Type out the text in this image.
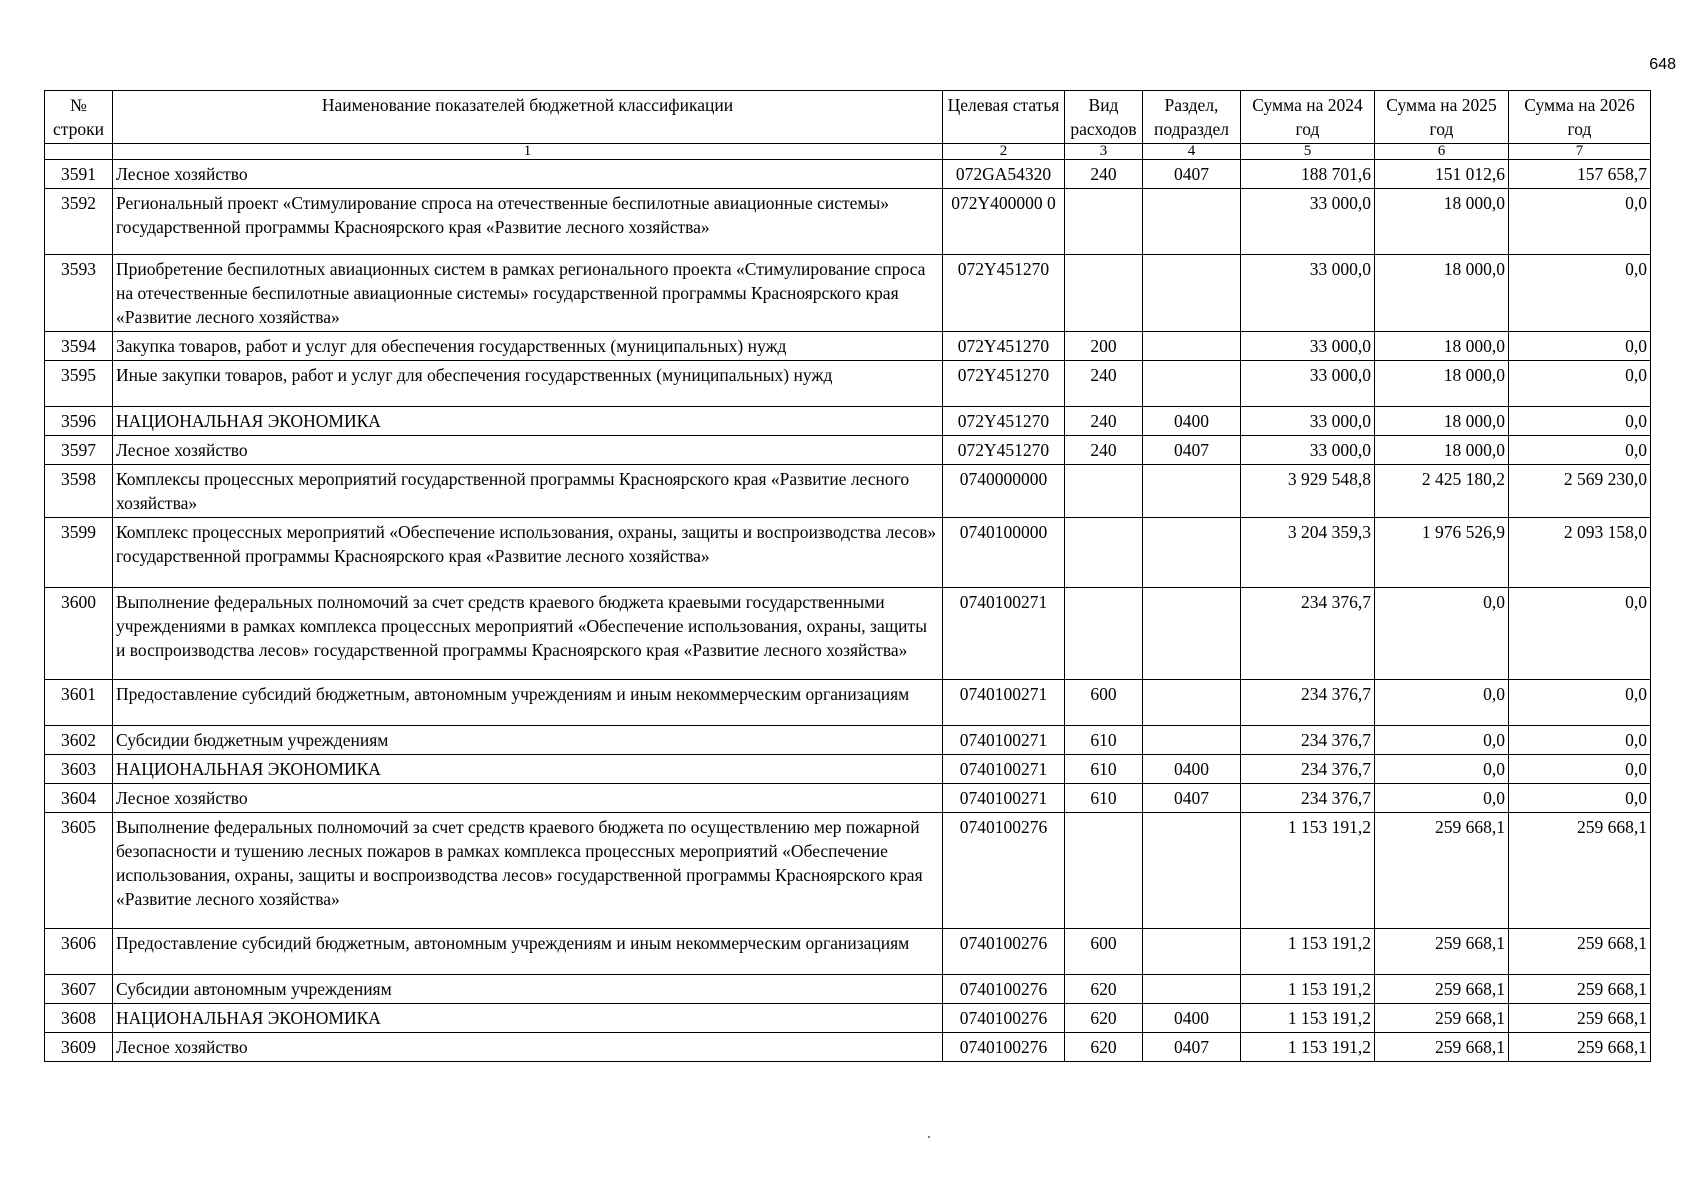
648
№ строки	Наименование показателей бюджетной классификации	Целевая статья	Вид расходов	Раздел, подраздел	Сумма на 2024 год	Сумма на 2025 год	Сумма на 2026 год
	1	2	3	4	5	6	7
3591	Лесное хозяйство	072GA54320	240	0407	188 701,6	151 012,6	157 658,7
3592	Региональный проект «Стимулирование спроса на отечественные беспилотные авиационные системы» государственной программы Красноярского края «Развитие лесного хозяйства»	072Y400000 0			33 000,0	18 000,0	0,0
3593	Приобретение беспилотных авиационных систем в рамках регионального проекта «Стимулирование спроса на отечественные беспилотные авиационные системы» государственной программы Красноярского края «Развитие лесного хозяйства»	072Y451270			33 000,0	18 000,0	0,0
3594	Закупка товаров, работ и услуг для обеспечения государственных (муниципальных) нужд	072Y451270	200		33 000,0	18 000,0	0,0
3595	Иные закупки товаров, работ и услуг для обеспечения государственных (муниципальных) нужд	072Y451270	240		33 000,0	18 000,0	0,0
3596	НАЦИОНАЛЬНАЯ ЭКОНОМИКА	072Y451270	240	0400	33 000,0	18 000,0	0,0
3597	Лесное хозяйство	072Y451270	240	0407	33 000,0	18 000,0	0,0
3598	Комплексы процессных мероприятий государственной программы Красноярского края «Развитие лесного хозяйства»	0740000000			3 929 548,8	2 425 180,2	2 569 230,0
3599	Комплекс процессных мероприятий «Обеспечение использования, охраны, защиты и воспроизводства лесов» государственной программы Красноярского края «Развитие лесного хозяйства»	0740100000			3 204 359,3	1 976 526,9	2 093 158,0
3600	Выполнение федеральных полномочий за счет средств краевого бюджета краевыми государственными учреждениями в рамках комплекса процессных мероприятий «Обеспечение использования, охраны, защиты и воспроизводства лесов» государственной программы Красноярского края «Развитие лесного хозяйства»	0740100271			234 376,7	0,0	0,0
3601	Предоставление субсидий бюджетным, автономным учреждениям и иным некоммерческим организациям	0740100271	600		234 376,7	0,0	0,0
3602	Субсидии бюджетным учреждениям	0740100271	610		234 376,7	0,0	0,0
3603	НАЦИОНАЛЬНАЯ ЭКОНОМИКА	0740100271	610	0400	234 376,7	0,0	0,0
3604	Лесное хозяйство	0740100271	610	0407	234 376,7	0,0	0,0
3605	Выполнение федеральных полномочий за счет средств краевого бюджета по осуществлению мер пожарной безопасности и тушению лесных пожаров в рамках комплекса процессных мероприятий «Обеспечение использования, охраны, защиты и воспроизводства лесов» государственной программы Красноярского края «Развитие лесного хозяйства»	0740100276			1 153 191,2	259 668,1	259 668,1
3606	Предоставление субсидий бюджетным, автономным учреждениям и иным некоммерческим организациям	0740100276	600		1 153 191,2	259 668,1	259 668,1
3607	Субсидии автономным учреждениям	0740100276	620		1 153 191,2	259 668,1	259 668,1
3608	НАЦИОНАЛЬНАЯ ЭКОНОМИКА	0740100276	620	0400	1 153 191,2	259 668,1	259 668,1
3609	Лесное хозяйство	0740100276	620	0407	1 153 191,2	259 668,1	259 668,1
